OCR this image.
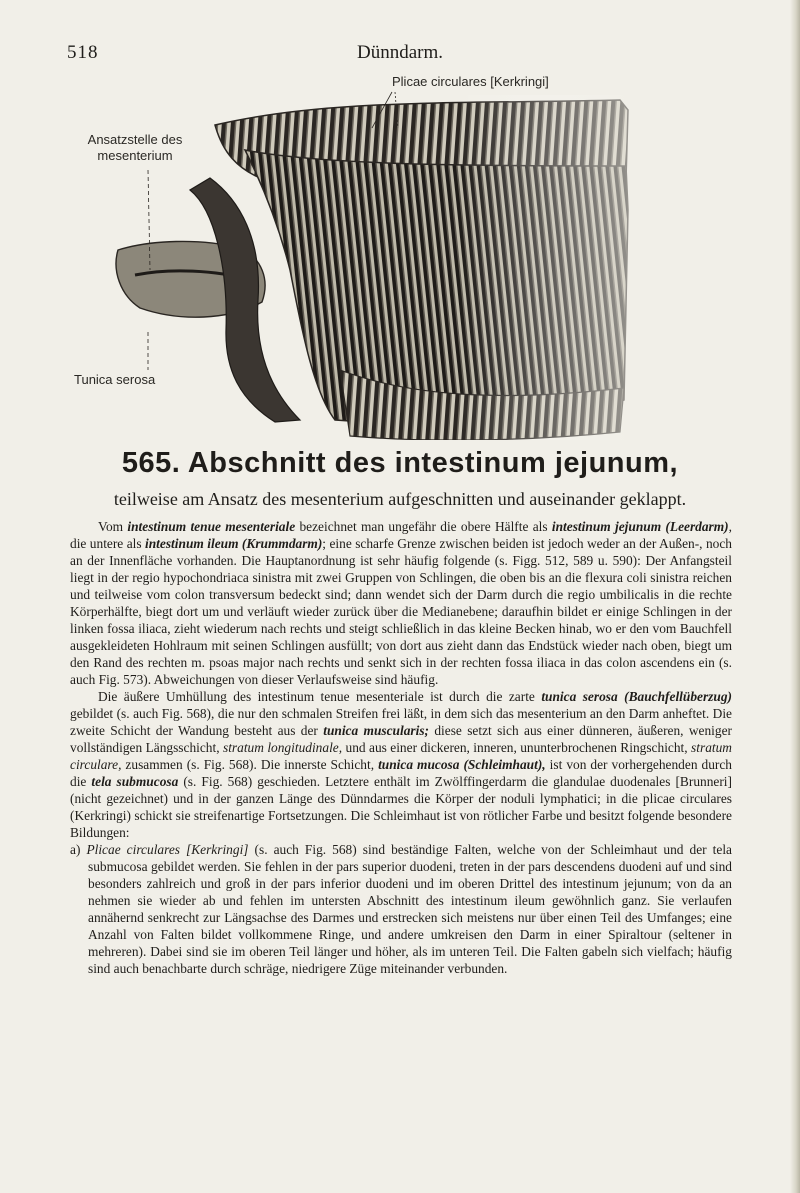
518	Dünndarm.
Plicae circulares [Kerkringi]
Ansatzstelle des
mesenterium
Tunica serosa
565. Abschnitt des intestinum jejunum,
teilweise am Ansatz des mesenterium aufgeschnitten und auseinander geklappt.

Vom intestinum tenue mesenteriale bezeichnet man ungefähr die obere Hälfte als intestinum jejunum (Leerdarm), die untere als intestinum ileum (Krummdarm); eine scharfe Grenze zwischen beiden ist jedoch weder an der Außen-, noch an der Innenfläche vorhanden. Die Hauptanordnung ist sehr häufig folgende (s. Figg. 512, 589 u. 590): Der Anfangsteil liegt in der regio hypochondriaca sinistra mit zwei Gruppen von Schlingen, die oben bis an die flexura coli sinistra reichen und teilweise vom colon transversum bedeckt sind; dann wendet sich der Darm durch die regio umbilicalis in die rechte Körperhälfte, biegt dort um und verläuft wieder zurück über die Medianebene; daraufhin bildet er einige Schlingen in der linken fossa iliaca, zieht wiederum nach rechts und steigt schließlich in das kleine Becken hinab, wo er den vom Bauchfell ausgekleideten Hohlraum mit seinen Schlingen ausfüllt; von dort aus zieht dann das Endstück wieder nach oben, biegt um den Rand des rechten m. psoas major nach rechts und senkt sich in der rechten fossa iliaca in das colon ascendens ein (s. auch Fig. 573). Abweichungen von dieser Verlaufsweise sind häufig.

Die äußere Umhüllung des intestinum tenue mesenteriale ist durch die zarte tunica serosa (Bauchfellüberzug) gebildet (s. auch Fig. 568), die nur den schmalen Streifen frei läßt, in dem sich das mesenterium an den Darm anheftet. Die zweite Schicht der Wandung besteht aus der tunica muscularis; diese setzt sich aus einer dünneren, äußeren, weniger vollständigen Längsschicht, stratum longitudinale, und aus einer dickeren, inneren, ununterbrochenen Ringschicht, stratum circulare, zusammen (s. Fig. 568). Die innerste Schicht, tunica mucosa (Schleimhaut), ist von der vorhergehenden durch die tela submucosa (s. Fig. 568) geschieden. Letztere enthält im Zwölffingerdarm die glandulae duodenales [Brunneri] (nicht gezeichnet) und in der ganzen Länge des Dünndarmes die Körper der noduli lymphatici; in die plicae circulares (Kerkringi) schickt sie streifenartige Fortsetzungen. Die Schleimhaut ist von rötlicher Farbe und besitzt folgende besondere Bildungen:

a) Plicae circulares [Kerkringi] (s. auch Fig. 568) sind beständige Falten, welche von der Schleimhaut und der tela submucosa gebildet werden. Sie fehlen in der pars superior duodeni, treten in der pars descendens duodeni auf und sind besonders zahlreich und groß in der pars inferior duodeni und im oberen Drittel des intestinum jejunum; von da an nehmen sie wieder ab und fehlen im untersten Abschnitt des intestinum ileum gewöhnlich ganz. Sie verlaufen annähernd senkrecht zur Längsachse des Darmes und erstrecken sich meistens nur über einen Teil des Umfanges; eine Anzahl von Falten bildet vollkommene Ringe, und andere umkreisen den Darm in einer Spiraltour (seltener in mehreren). Dabei sind sie im oberen Teil länger und höher, als im unteren Teil. Die Falten gabeln sich vielfach; häufig sind auch benachbarte durch schräge, niedrigere Züge miteinander verbunden.
